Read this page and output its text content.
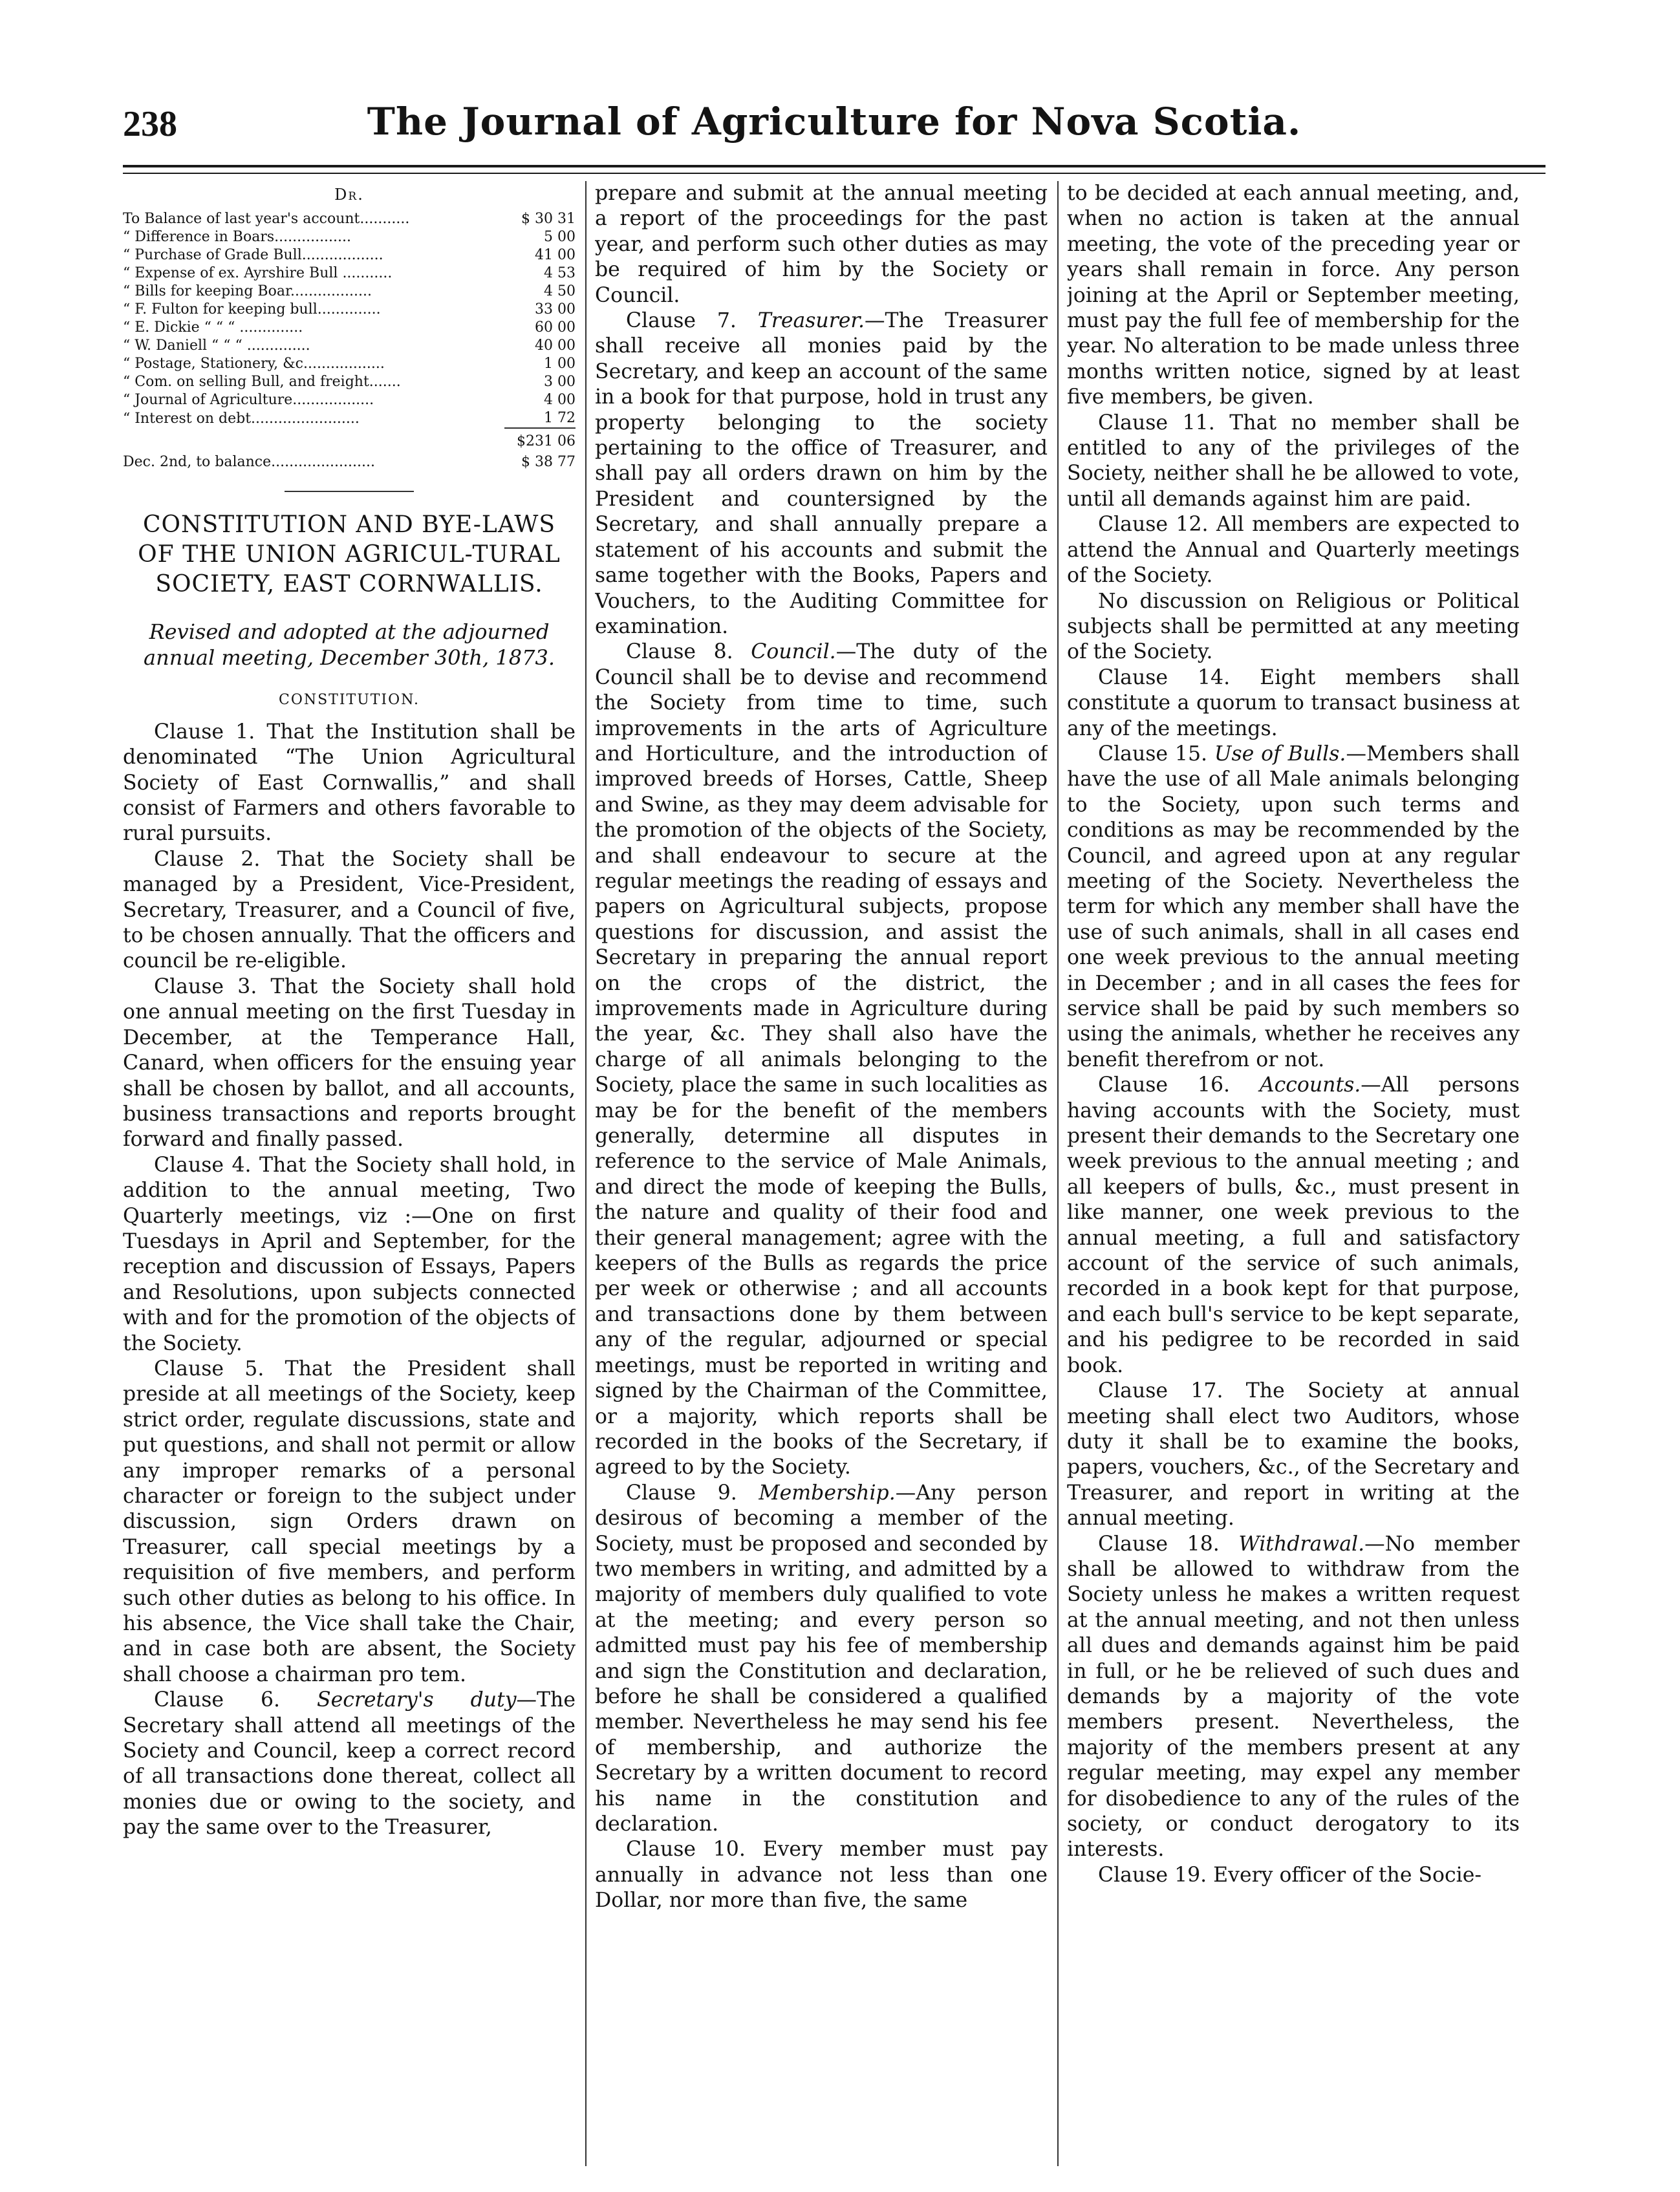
238	The Journal of Agriculture for Nova Scotia.
Dr.
To Balance of last year's account...........	$ 30 31
“ Difference in Boars.................	5 00
“ Purchase of Grade Bull..................	41 00
“ Expense of ex. Ayrshire Bull ...........	4 53
“ Bills for keeping Boar..................	4 50
“ F. Fulton for keeping bull..............	33 00
“ E. Dickie “ “ “ ..............	60 00
“ W. Daniell “ “ “ ..............	40 00
“ Postage, Stationery, &c..................	1 00
“ Com. on selling Bull, and freight.......	3 00
“ Journal of Agriculture..................	4 00
“ Interest on debt........................	1 72
	$231 06
Dec. 2nd, to balance.......................	$ 38 77
CONSTITUTION AND BYE-LAWS OF THE UNION AGRICUL-TURAL SOCIETY, EAST CORNWALLIS.
Revised and adopted at the adjourned annual meeting, December 30th, 1873.
CONSTITUTION.

Clause 1. That the Institution shall be denominated “The Union Agricultural Society of East Cornwallis,” and shall consist of Farmers and others favorable to rural pursuits.

Clause 2. That the Society shall be managed by a President, Vice-President, Secretary, Treasurer, and a Council of five, to be chosen annually. That the officers and council be re-eligible.

Clause 3. That the Society shall hold one annual meeting on the first Tuesday in December, at the Temperance Hall, Canard, when officers for the ensuing year shall be chosen by ballot, and all accounts, business transactions and reports brought forward and finally passed.

Clause 4. That the Society shall hold, in addition to the annual meeting, Two Quarterly meetings, viz :—One on first Tuesdays in April and September, for the reception and discussion of Essays, Papers and Resolutions, upon subjects connected with and for the promotion of the objects of the Society.

Clause 5. That the President shall preside at all meetings of the Society, keep strict order, regulate discussions, state and put questions, and shall not permit or allow any improper remarks of a personal character or foreign to the subject under discussion, sign Orders drawn on Treasurer, call special meetings by a requisition of five members, and perform such other duties as belong to his office. In his absence, the Vice shall take the Chair, and in case both are absent, the Society shall choose a chairman pro tem.

Clause 6. Secretary's duty—The Secretary shall attend all meetings of the Society and Council, keep a correct record of all transactions done thereat, collect all monies due or owing to the society, and pay the same over to the Treasurer,

prepare and submit at the annual meeting a report of the proceedings for the past year, and perform such other duties as may be required of him by the Society or Council.

Clause 7. Treasurer.—The Treasurer shall receive all monies paid by the Secretary, and keep an account of the same in a book for that purpose, hold in trust any property belonging to the society pertaining to the office of Treasurer, and shall pay all orders drawn on him by the President and countersigned by the Secretary, and shall annually prepare a statement of his accounts and submit the same together with the Books, Papers and Vouchers, to the Auditing Committee for examination.

Clause 8. Council.—The duty of the Council shall be to devise and recommend the Society from time to time, such improvements in the arts of Agriculture and Horticulture, and the introduction of improved breeds of Horses, Cattle, Sheep and Swine, as they may deem advisable for the promotion of the objects of the Society, and shall endeavour to secure at the regular meetings the reading of essays and papers on Agricultural subjects, propose questions for discussion, and assist the Secretary in preparing the annual report on the crops of the district, the improvements made in Agriculture during the year, &c. They shall also have the charge of all animals belonging to the Society, place the same in such localities as may be for the benefit of the members generally, determine all disputes in reference to the service of Male Animals, and direct the mode of keeping the Bulls, the nature and quality of their food and their general management; agree with the keepers of the Bulls as regards the price per week or otherwise ; and all accounts and transactions done by them between any of the regular, adjourned or special meetings, must be reported in writing and signed by the Chairman of the Committee, or a majority, which reports shall be recorded in the books of the Secretary, if agreed to by the Society.

Clause 9. Membership.—Any person desirous of becoming a member of the Society, must be proposed and seconded by two members in writing, and admitted by a majority of members duly qualified to vote at the meeting; and every person so admitted must pay his fee of membership and sign the Constitution and declaration, before he shall be considered a qualified member. Nevertheless he may send his fee of membership, and authorize the Secretary by a written document to record his name in the constitution and declaration.

Clause 10. Every member must pay annually in advance not less than one Dollar, nor more than five, the same

to be decided at each annual meeting, and, when no action is taken at the annual meeting, the vote of the preceding year or years shall remain in force. Any person joining at the April or September meeting, must pay the full fee of membership for the year. No alteration to be made unless three months written notice, signed by at least five members, be given.

Clause 11. That no member shall be entitled to any of the privileges of the Society, neither shall he be allowed to vote, until all demands against him are paid.

Clause 12. All members are expected to attend the Annual and Quarterly meetings of the Society.

No discussion on Religious or Political subjects shall be permitted at any meeting of the Society.

Clause 14. Eight members shall constitute a quorum to transact business at any of the meetings.

Clause 15. Use of Bulls.—Members shall have the use of all Male animals belonging to the Society, upon such terms and conditions as may be recommended by the Council, and agreed upon at any regular meeting of the Society. Nevertheless the term for which any member shall have the use of such animals, shall in all cases end one week previous to the annual meeting in December ; and in all cases the fees for service shall be paid by such members so using the animals, whether he receives any benefit therefrom or not.

Clause 16. Accounts.—All persons having accounts with the Society, must present their demands to the Secretary one week previous to the annual meeting ; and all keepers of bulls, &c., must present in like manner, one week previous to the annual meeting, a full and satisfactory account of the service of such animals, recorded in a book kept for that purpose, and each bull's service to be kept separate, and his pedigree to be recorded in said book.

Clause 17. The Society at annual meeting shall elect two Auditors, whose duty it shall be to examine the books, papers, vouchers, &c., of the Secretary and Treasurer, and report in writing at the annual meeting.

Clause 18. Withdrawal.—No member shall be allowed to withdraw from the Society unless he makes a written request at the annual meeting, and not then unless all dues and demands against him be paid in full, or he be relieved of such dues and demands by a majority of the vote members present. Nevertheless, the majority of the members present at any regular meeting, may expel any member for disobedience to any of the rules of the society, or conduct derogatory to its interests.

Clause 19. Every officer of the Socie-
